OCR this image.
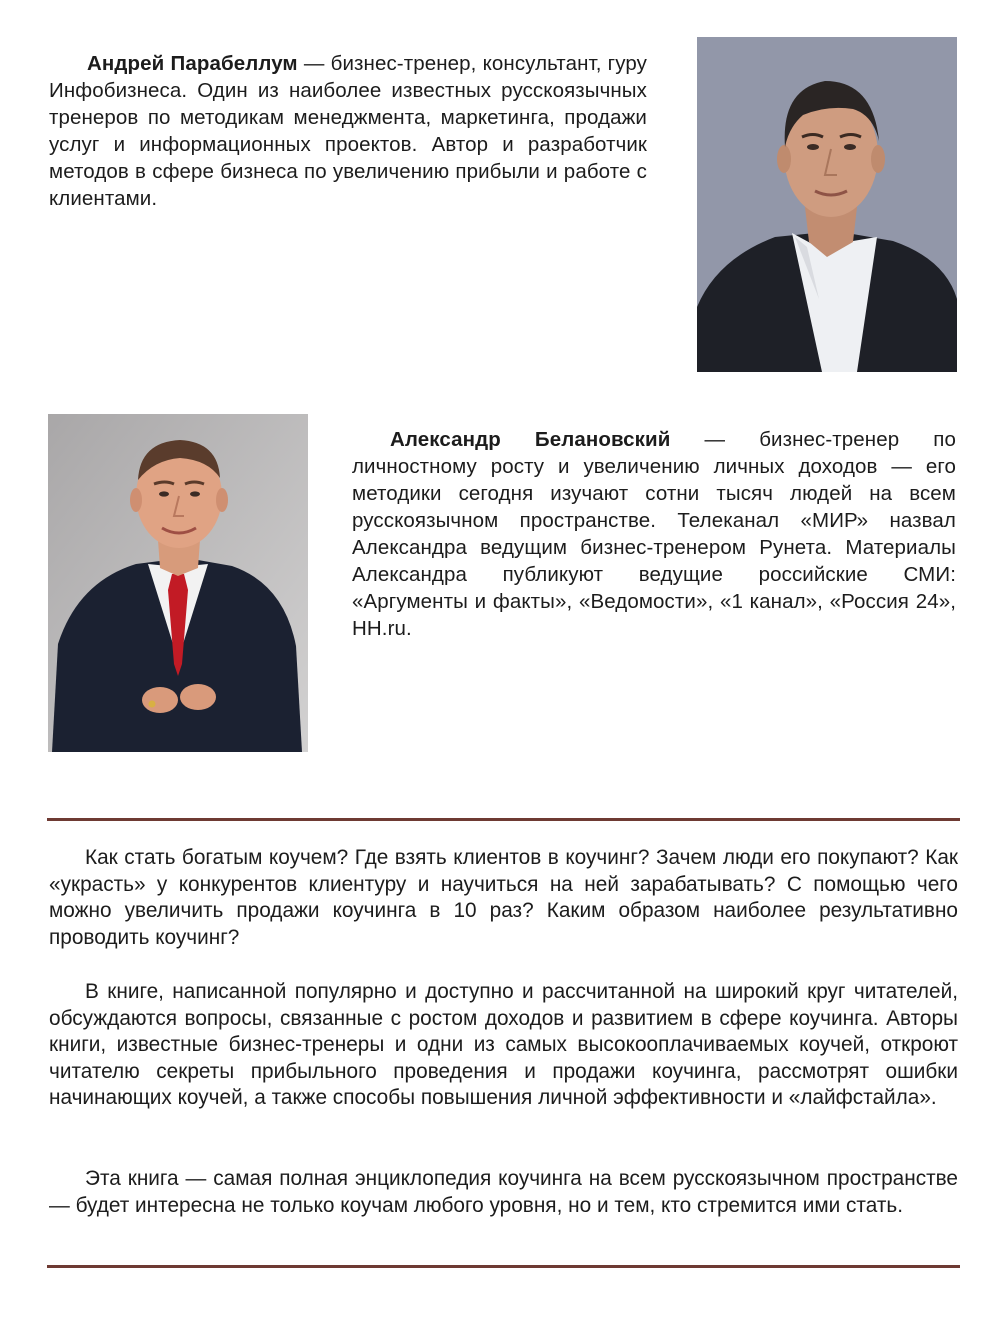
Андрей Парабеллум — бизнес-тренер, консультант, гуру Инфобизнеса. Один из наиболее известных русскоязычных тренеров по методикам менеджмента, маркетинга, продажи услуг и информационных проектов. Автор и разработчик методов в сфере бизнеса по увеличению прибыли и работе с клиентами.

Александр Белановский — бизнес-тренер по личностному росту и увеличению личных доходов — его методики сегодня изучают сотни тысяч людей на всем русскоязычном пространстве. Телеканал «МИР» назвал Александра ведущим бизнес-тренером Рунета. Материалы Александра публикуют ведущие российские СМИ: «Аргументы и факты», «Ведомости», «1 канал», «Россия 24», HH.ru.

Как стать богатым коучем? Где взять клиентов в коучинг? Зачем люди его покупают? Как «украсть» у конкурентов клиентуру и научиться на ней зарабатывать? С помощью чего можно увеличить продажи коучинга в 10 раз? Каким образом наиболее результативно проводить коучинг?

В книге, написанной популярно и доступно и рассчитанной на широкий круг читателей, обсуждаются вопросы, связанные с ростом доходов и развитием в сфере коучинга. Авторы книги, известные бизнес-тренеры и одни из самых высокооплачиваемых коучей, откроют читателю секреты прибыльного проведения и продажи коучинга, рассмотрят ошибки начинающих коучей, а также способы повышения личной эффективности и «лайфстайла».

Эта книга — самая полная энциклопедия коучинга на всем русскоязычном пространстве — будет интересна не только коучам любого уровня, но и тем, кто стремится ими стать.
